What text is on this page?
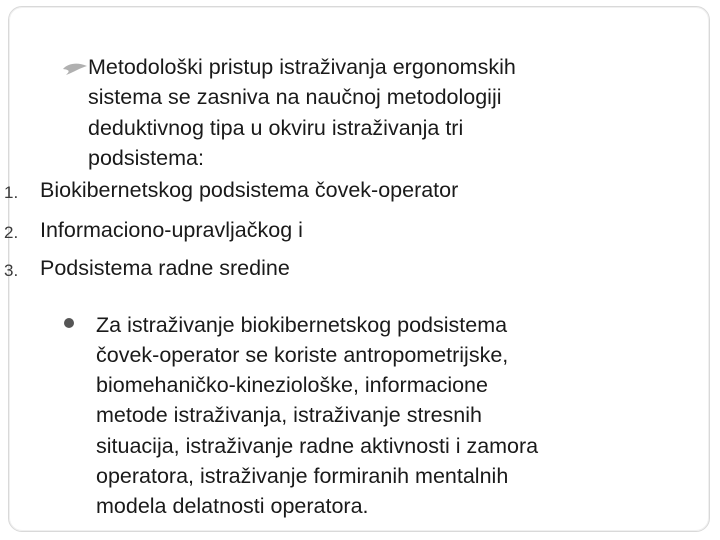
Metodološki pristup istraživanja ergonomskih
sistema se zasniva na naučnoj metodologiji
deduktivnog tipa u okviru istraživanja tri
podsistema:
1. Biokibernetskog podsistema čovek-operator
2. Informaciono-upravljačkog i
3. Podsistema radne sredine
Za istraživanje biokibernetskog podsistema
čovek-operator se koriste antropometrijske,
biomehaničko-kineziološke, informacione
metode istraživanja, istraživanje stresnih
situacija, istraživanje radne aktivnosti i zamora
operatora, istraživanje formiranih mentalnih
modela delatnosti operatora.
